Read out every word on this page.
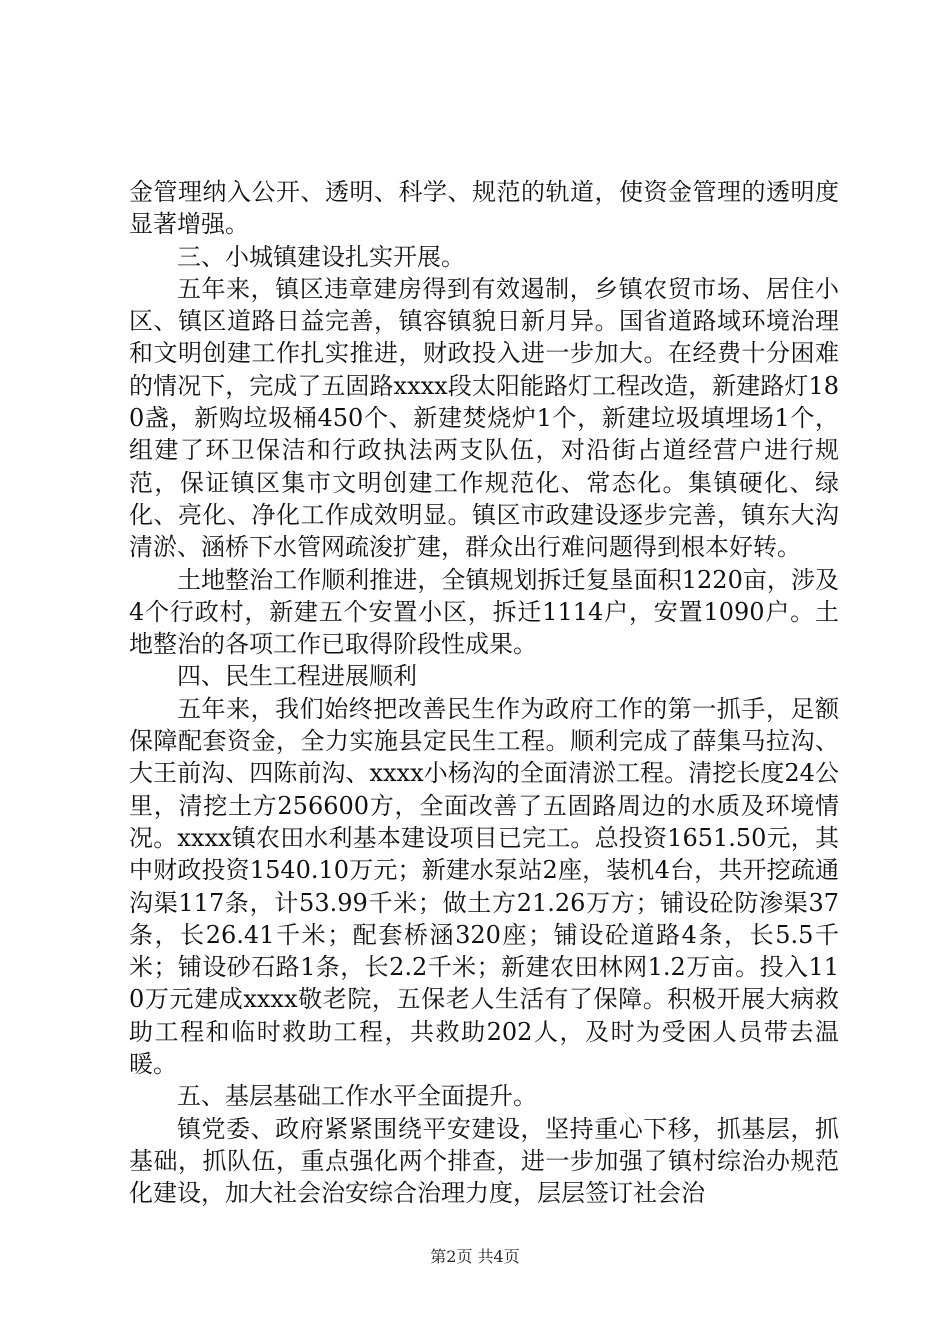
金管理纳入公开、透明、科学、规范的轨道，使资金管理的透明度显著增强。

三、小城镇建设扎实开展。

五年来，镇区违章建房得到有效遏制，乡镇农贸市场、居住小区、镇区道路日益完善，镇容镇貌日新月异。国省道路域环境治理和文明创建工作扎实推进，财政投入进一步加大。在经费十分困难的情况下，完成了五固路xxxx段太阳能路灯工程改造，新建路灯180盏，新购垃圾桶450个、新建焚烧炉1个，新建垃圾填埋场1个，组建了环卫保洁和行政执法两支队伍，对沿街占道经营户进行规范，保证镇区集市文明创建工作规范化、常态化。集镇硬化、绿化、亮化、净化工作成效明显。镇区市政建设逐步完善，镇东大沟清淤、涵桥下水管网疏浚扩建，群众出行难问题得到根本好转。

土地整治工作顺利推进，全镇规划拆迁复垦面积1220亩，涉及4个行政村，新建五个安置小区，拆迁1114户，安置1090户。土地整治的各项工作已取得阶段性成果。

四、民生工程进展顺利

五年来，我们始终把改善民生作为政府工作的第一抓手，足额保障配套资金，全力实施县定民生工程。顺利完成了薛集马拉沟、大王前沟、四陈前沟、xxxx小杨沟的全面清淤工程。清挖长度24公里，清挖土方256600方，全面改善了五固路周边的水质及环境情况。xxxx镇农田水利基本建设项目已完工。总投资1651.50元，其中财政投资1540.10万元；新建水泵站2座，装机4台，共开挖疏通沟渠117条，计53.99千米；做土方21.26万方；铺设砼防渗渠37条，长26.41千米；配套桥涵320座；铺设砼道路4条，长5.5千米；铺设砂石路1条，长2.2千米；新建农田林网1.2万亩。投入110万元建成xxxx敬老院，五保老人生活有了保障。积极开展大病救助工程和临时救助工程，共救助202人，及时为受困人员带去温暖。

五、基层基础工作水平全面提升。

镇党委、政府紧紧围绕平安建设，坚持重心下移，抓基层，抓基础，抓队伍，重点强化两个排查，进一步加强了镇村综治办规范化建设，加大社会治安综合治理力度，层层签订社会治

第2页 共4页
